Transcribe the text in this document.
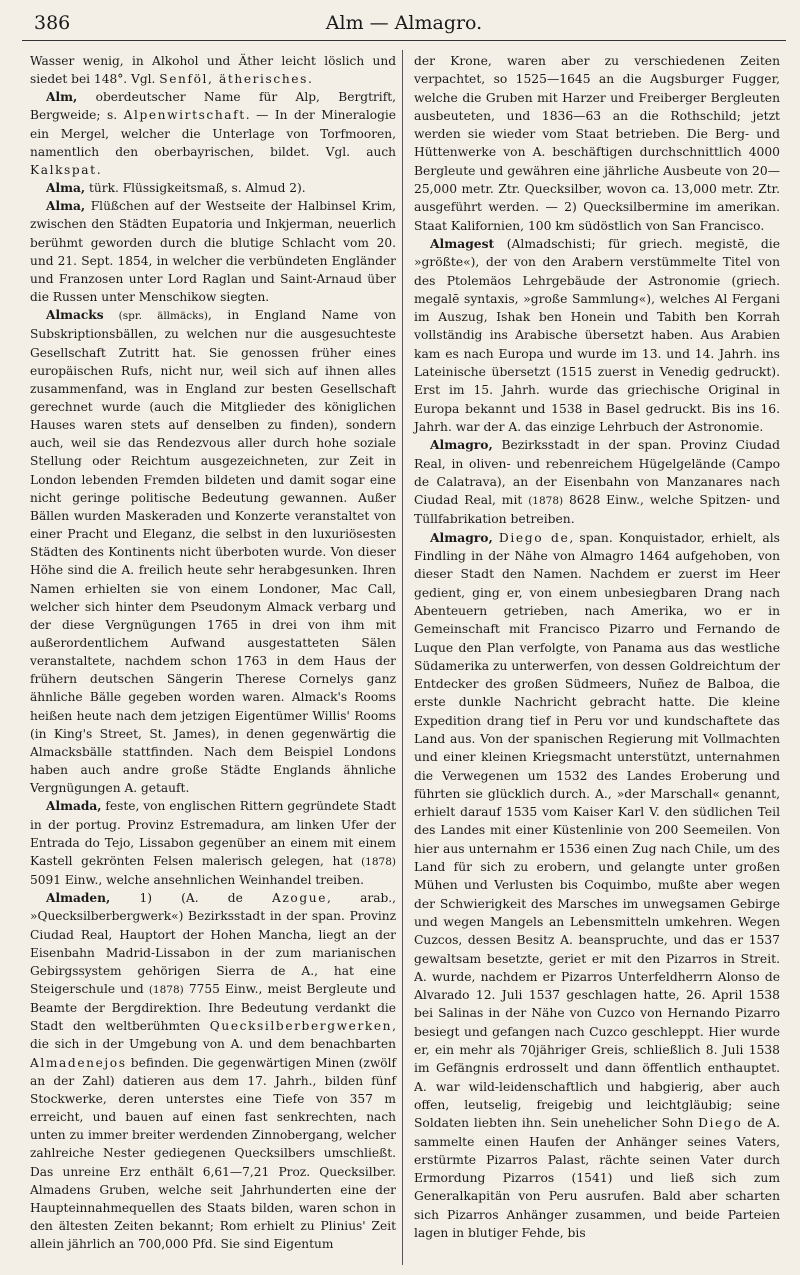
386	Alm — Almagro.

Wasser wenig, in Alkohol und Äther leicht löslich und siedet bei 148°. Vgl. Senföl, ätherisches.

Alm, oberdeutscher Name für Alp, Bergtrift, Bergweide; s. Alpenwirtschaft. — In der Mineralogie ein Mergel, welcher die Unterlage von Torfmooren, namentlich den oberbayrischen, bildet. Vgl. auch Kalkspat.

Alma, türk. Flüssigkeitsmaß, s. Almud 2).

Alma, Flüßchen auf der Westseite der Halbinsel Krim, zwischen den Städten Eupatoria und Inkjerman, neuerlich berühmt geworden durch die blutige Schlacht vom 20. und 21. Sept. 1854, in welcher die verbündeten Engländer und Franzosen unter Lord Raglan und Saint-Arnaud über die Russen unter Menschikow siegten.

Almacks (spr. ällmäcks), in England Name von Subskriptionsbällen, zu welchen nur die ausgesuchteste Gesellschaft Zutritt hat. Sie genossen früher eines europäischen Rufs, nicht nur, weil sich auf ihnen alles zusammenfand, was in England zur besten Gesellschaft gerechnet wurde (auch die Mitglieder des königlichen Hauses waren stets auf denselben zu finden), sondern auch, weil sie das Rendezvous aller durch hohe soziale Stellung oder Reichtum ausgezeichneten, zur Zeit in London lebenden Fremden bildeten und damit sogar eine nicht geringe politische Bedeutung gewannen. Außer Bällen wurden Maskeraden und Konzerte veranstaltet von einer Pracht und Eleganz, die selbst in den luxuriösesten Städten des Kontinents nicht überboten wurde. Von dieser Höhe sind die A. freilich heute sehr herabgesunken. Ihren Namen erhielten sie von einem Londoner, Mac Call, welcher sich hinter dem Pseudonym Almack verbarg und der diese Vergnügungen 1765 in drei von ihm mit außerordentlichem Aufwand ausgestatteten Sälen veranstaltete, nachdem schon 1763 in dem Haus der frühern deutschen Sängerin Therese Cornelys ganz ähnliche Bälle gegeben worden waren. Almack's Rooms heißen heute nach dem jetzigen Eigentümer Willis' Rooms (in King's Street, St. James), in denen gegenwärtig die Almacksbälle stattfinden. Nach dem Beispiel Londons haben auch andre große Städte Englands ähnliche Vergnügungen A. getauft.

Almada, feste, von englischen Rittern gegründete Stadt in der portug. Provinz Estremadura, am linken Ufer der Entrada do Tejo, Lissabon gegenüber an einem mit einem Kastell gekrönten Felsen malerisch gelegen, hat (1878) 5091 Einw., welche ansehnlichen Weinhandel treiben.

Almaden, 1) (A. de Azogue, arab., »Quecksilberbergwerk«) Bezirksstadt in der span. Provinz Ciudad Real, Hauptort der Hohen Mancha, liegt an der Eisenbahn Madrid-Lissabon in der zum marianischen Gebirgssystem gehörigen Sierra de A., hat eine Steigerschule und (1878) 7755 Einw., meist Bergleute und Beamte der Bergdirektion. Ihre Bedeutung verdankt die Stadt den weltberühmten Quecksilberbergwerken, die sich in der Umgebung von A. und dem benachbarten Almadenejos befinden. Die gegenwärtigen Minen (zwölf an der Zahl) datieren aus dem 17. Jahrh., bilden fünf Stockwerke, deren unterstes eine Tiefe von 357 m erreicht, und bauen auf einen fast senkrechten, nach unten zu immer breiter werdenden Zinnobergang, welcher zahlreiche Nester gediegenen Quecksilbers umschließt. Das unreine Erz enthält 6,61—7,21 Proz. Quecksilber. Almadens Gruben, welche seit Jahrhunderten eine der Haupteinnahmequellen des Staats bilden, waren schon in den ältesten Zeiten bekannt; Rom erhielt zu Plinius' Zeit allein jährlich an 700,000 Pfd. Sie sind Eigentum

der Krone, waren aber zu verschiedenen Zeiten verpachtet, so 1525—1645 an die Augsburger Fugger, welche die Gruben mit Harzer und Freiberger Bergleuten ausbeuteten, und 1836—63 an die Rothschild; jetzt werden sie wieder vom Staat betrieben. Die Berg- und Hüttenwerke von A. beschäftigen durchschnittlich 4000 Bergleute und gewähren eine jährliche Ausbeute von 20—25,000 metr. Ztr. Quecksilber, wovon ca. 13,000 metr. Ztr. ausgeführt werden. — 2) Quecksilbermine im amerikan. Staat Kalifornien, 100 km südöstlich von San Francisco.

Almagest (Almadschisti; für griech. megistē, die »größte«), der von den Arabern verstümmelte Titel von des Ptolemäos Lehrgebäude der Astronomie (griech. megalē syntaxis, »große Sammlung«), welches Al Fergani im Auszug, Ishak ben Honein und Tabith ben Korrah vollständig ins Arabische übersetzt haben. Aus Arabien kam es nach Europa und wurde im 13. und 14. Jahrh. ins Lateinische übersetzt (1515 zuerst in Venedig gedruckt). Erst im 15. Jahrh. wurde das griechische Original in Europa bekannt und 1538 in Basel gedruckt. Bis ins 16. Jahrh. war der A. das einzige Lehrbuch der Astronomie.

Almagro, Bezirksstadt in der span. Provinz Ciudad Real, in oliven- und rebenreichem Hügelgelände (Campo de Calatrava), an der Eisenbahn von Manzanares nach Ciudad Real, mit (1878) 8628 Einw., welche Spitzen- und Tüllfabrikation betreiben.

Almagro, Diego de, span. Konquistador, erhielt, als Findling in der Nähe von Almagro 1464 aufgehoben, von dieser Stadt den Namen. Nachdem er zuerst im Heer gedient, ging er, von einem unbesiegbaren Drang nach Abenteuern getrieben, nach Amerika, wo er in Gemeinschaft mit Francisco Pizarro und Fernando de Luque den Plan verfolgte, von Panama aus das westliche Südamerika zu unterwerfen, von dessen Goldreichtum der Entdecker des großen Südmeers, Nuñez de Balboa, die erste dunkle Nachricht gebracht hatte. Die kleine Expedition drang tief in Peru vor und kundschaftete das Land aus. Von der spanischen Regierung mit Vollmachten und einer kleinen Kriegsmacht unterstützt, unternahmen die Verwegenen um 1532 des Landes Eroberung und führten sie glücklich durch. A., »der Marschall« genannt, erhielt darauf 1535 vom Kaiser Karl V. den südlichen Teil des Landes mit einer Küstenlinie von 200 Seemeilen. Von hier aus unternahm er 1536 einen Zug nach Chile, um des Land für sich zu erobern, und gelangte unter großen Mühen und Verlusten bis Coquimbo, mußte aber wegen der Schwierigkeit des Marsches im unwegsamen Gebirge und wegen Mangels an Lebensmitteln umkehren. Wegen Cuzcos, dessen Besitz A. beanspruchte, und das er 1537 gewaltsam besetzte, geriet er mit den Pizarros in Streit. A. wurde, nachdem er Pizarros Unterfeldherrn Alonso de Alvarado 12. Juli 1537 geschlagen hatte, 26. April 1538 bei Salinas in der Nähe von Cuzco von Hernando Pizarro besiegt und gefangen nach Cuzco geschleppt. Hier wurde er, ein mehr als 70jähriger Greis, schließlich 8. Juli 1538 im Gefängnis erdrosselt und dann öffentlich enthauptet. A. war wild-leidenschaftlich und habgierig, aber auch offen, leutselig, freigebig und leichtgläubig; seine Soldaten liebten ihn. Sein unehelicher Sohn Diego de A. sammelte einen Haufen der Anhänger seines Vaters, erstürmte Pizarros Palast, rächte seinen Vater durch Ermordung Pizarros (1541) und ließ sich zum Generalkapitän von Peru ausrufen. Bald aber scharten sich Pizarros Anhänger zusammen, und beide Parteien lagen in blutiger Fehde, bis
